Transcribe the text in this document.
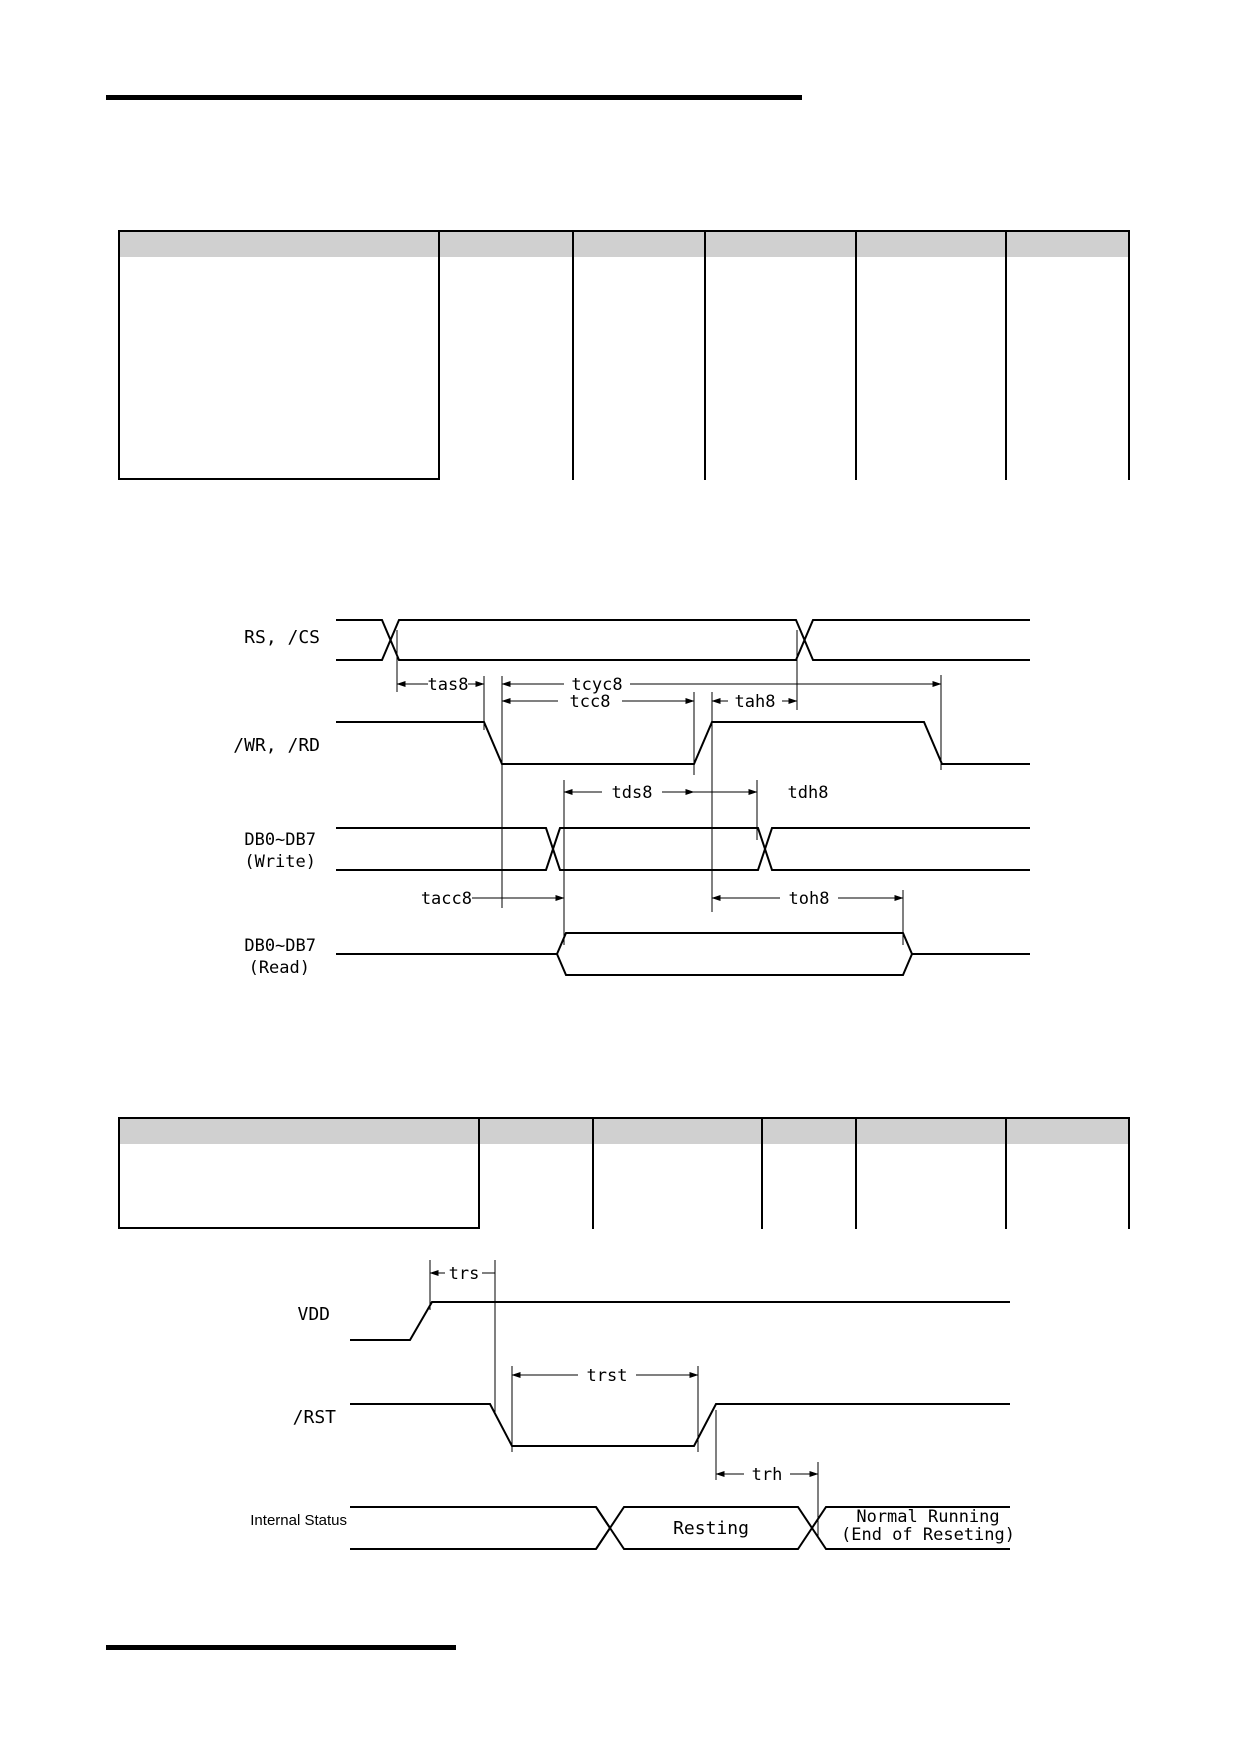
RS, /CS
/WR, /RD
DB0~DB7
(Write)
DB0~DB7
(Read)
tas8	tcyc8
tcc8	tah8
tds8	tdh8
tacc8	toh8
VDD
/RST
Internal Status
trs
trst
trh
Resting
Normal Running
(End of Reseting)
